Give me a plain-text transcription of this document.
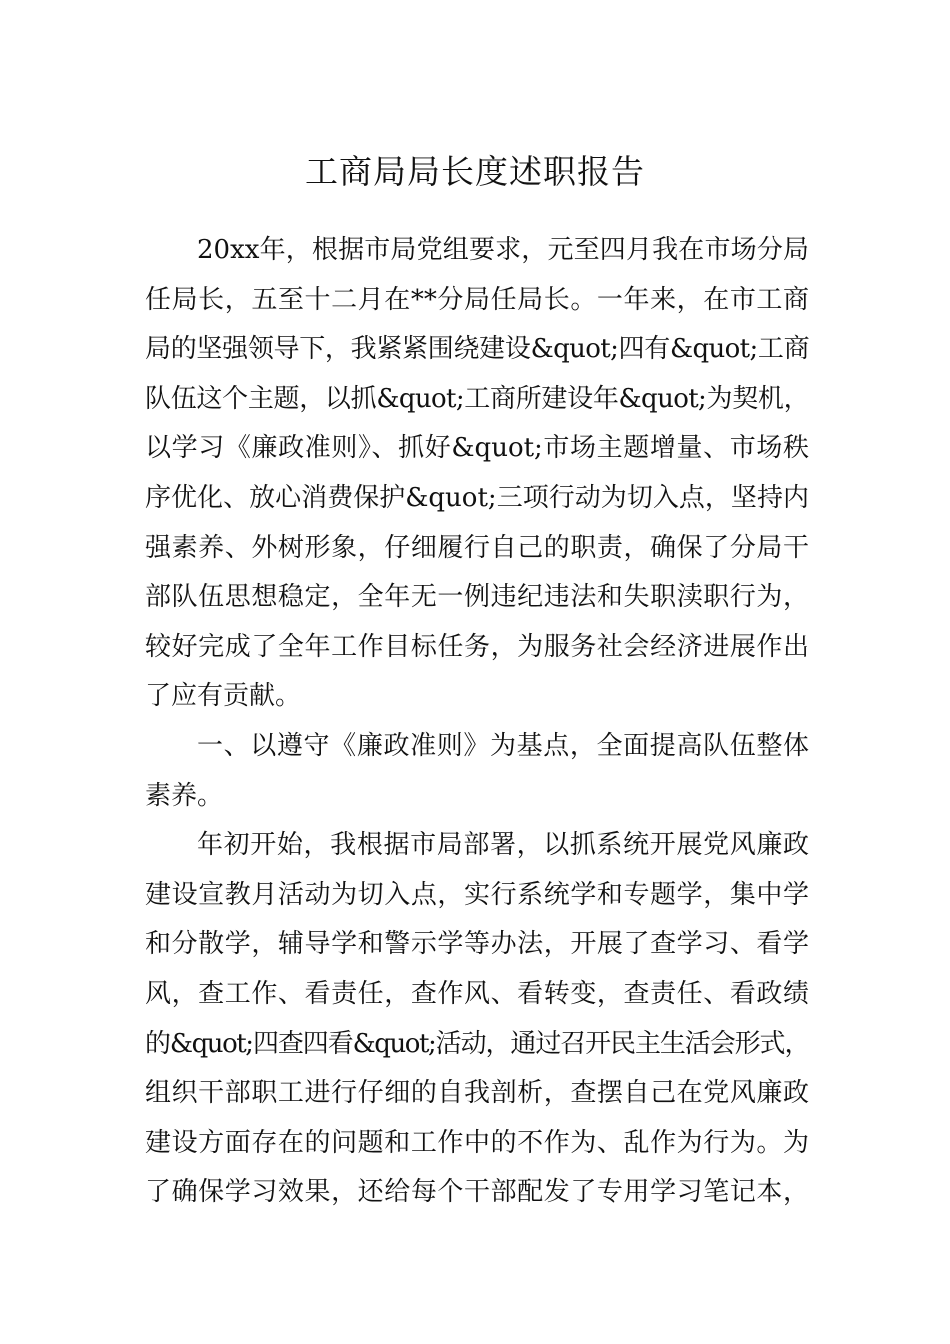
工商局局长度述职报告
20xx年，根据市局党组要求，元至四月我在市场分局
任局长，五至十二月在**分局任局长。一年来，在市工商
局的坚强领导下，我紧紧围绕建设&quot;四有&quot;工商
队伍这个主题，以抓&quot;工商所建设年&quot;为契机，
以学习《廉政准则》、抓好&quot;市场主题增量、市场秩
序优化、放心消费保护&quot;三项行动为切入点，坚持内
强素养、外树形象，仔细履行自己的职责，确保了分局干
部队伍思想稳定，全年无一例违纪违法和失职渎职行为，
较好完成了全年工作目标任务，为服务社会经济进展作出
了应有贡献。
一、以遵守《廉政准则》为基点，全面提高队伍整体
素养。
年初开始，我根据市局部署，以抓系统开展党风廉政
建设宣教月活动为切入点，实行系统学和专题学，集中学
和分散学，辅导学和警示学等办法，开展了查学习、看学
风，查工作、看责任，查作风、看转变，查责任、看政绩
的&quot;四查四看&quot;活动，通过召开民主生活会形式，
组织干部职工进行仔细的自我剖析，查摆自己在党风廉政
建设方面存在的问题和工作中的不作为、乱作为行为。为
了确保学习效果，还给每个干部配发了专用学习笔记本，
